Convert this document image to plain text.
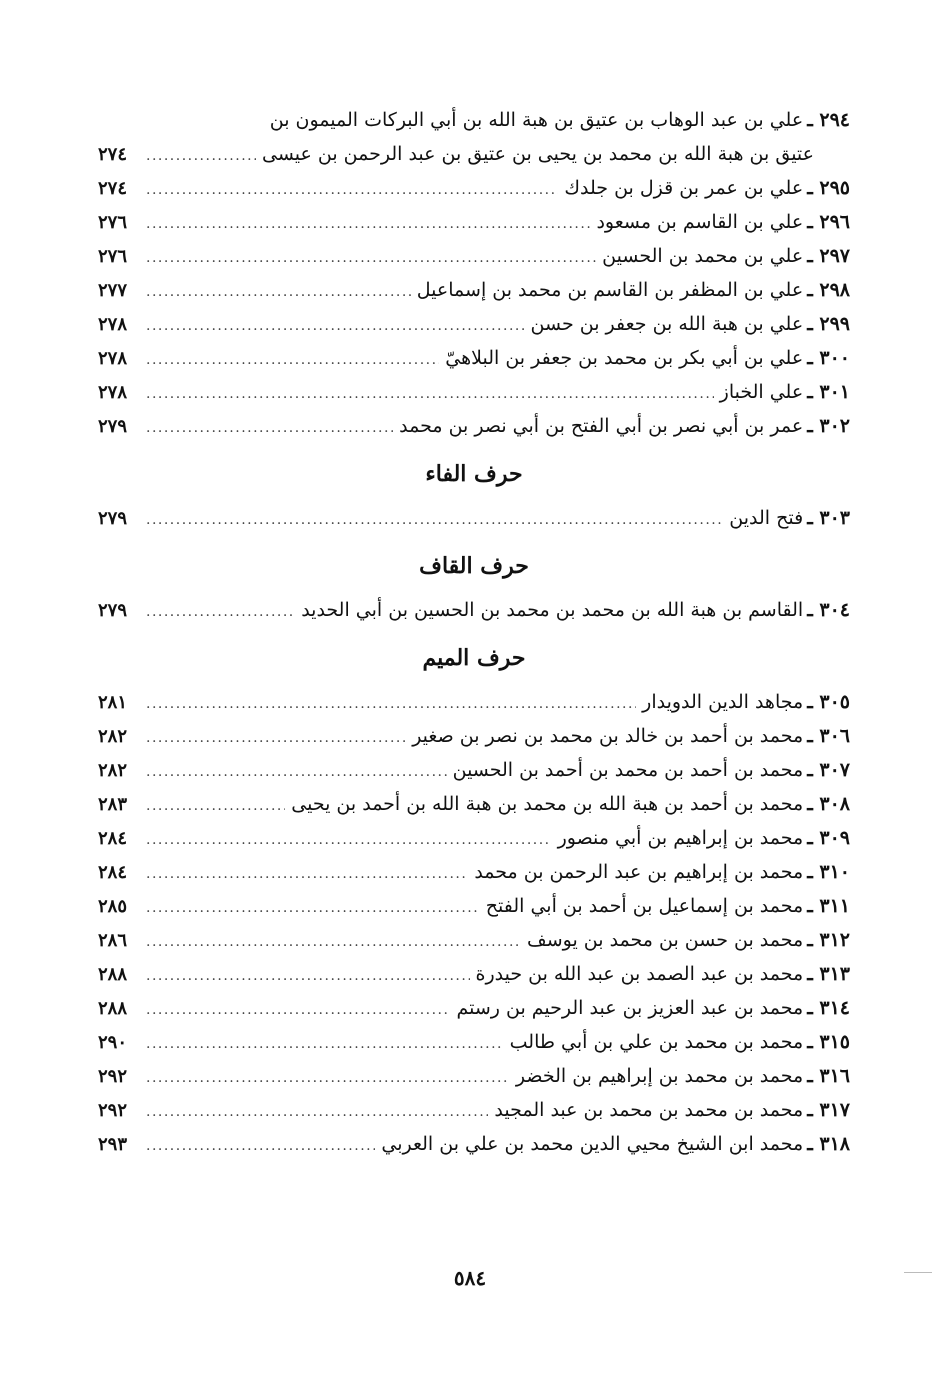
٢٩٤ ـ
علي بن عبد الوهاب بن عتيق بن هبة الله بن أبي البركات الميمون بن
عتيق بن هبة الله بن محمد بن يحيى بن عتيق بن عبد الرحمن بن عيسى
.....
٢٧٤
٢٩٥ ـ
علي بن عمر بن قزل بن جلدك
.....
٢٧٤
٢٩٦ ـ
علي بن القاسم بن مسعود
.....
٢٧٦
٢٩٧ ـ
علي بن محمد بن الحسين
.....
٢٧٦
٢٩٨ ـ
علي بن المظفر بن القاسم بن محمد بن إسماعيل
.....
٢٧٧
٢٩٩ ـ
علي بن هبة الله بن جعفر بن حسن
.....
٢٧٨
٣٠٠ ـ
علي بن أبي بكر بن محمد بن جعفر بن البلاهيّ
.....
٢٧٨
٣٠١ ـ
علي الخباز
.....
٢٧٨
٣٠٢ ـ
عمر بن أبي نصر بن أبي الفتح بن أبي نصر بن محمد
.....
٢٧٩
حرف الفاء
٣٠٣ ـ
فتح الدين
.....
٢٧٩
حرف القاف
٣٠٤ ـ
القاسم بن هبة الله بن محمد بن محمد بن الحسين بن أبي الحديد
.....
٢٧٩
حرف الميم
٣٠٥ ـ
مجاهد الدين الدويدار
.....
٢٨١
٣٠٦ ـ
محمد بن أحمد بن خالد بن محمد بن نصر بن صغير
.....
٢٨٢
٣٠٧ ـ
محمد بن أحمد بن محمد بن أحمد بن الحسين
.....
٢٨٢
٣٠٨ ـ
محمد بن أحمد بن هبة الله بن محمد بن هبة الله بن أحمد بن يحيى
.....
٢٨٣
٣٠٩ ـ
محمد بن إبراهيم بن أبي منصور
.....
٢٨٤
٣١٠ ـ
محمد بن إبراهيم بن عبد الرحمن بن محمد
.....
٢٨٤
٣١١ ـ
محمد بن إسماعيل بن أحمد بن أبي الفتح
.....
٢٨٥
٣١٢ ـ
محمد بن حسن بن محمد بن يوسف
.....
٢٨٦
٣١٣ ـ
محمد بن عبد الصمد بن عبد الله بن حيدرة
.....
٢٨٨
٣١٤ ـ
محمد بن عبد العزيز بن عبد الرحيم بن رستم
.....
٢٨٨
٣١٥ ـ
محمد بن محمد بن علي بن أبي طالب
.....
٢٩٠
٣١٦ ـ
محمد بن محمد بن إبراهيم بن الخضر
.....
٢٩٢
٣١٧ ـ
محمد بن محمد بن محمد بن عبد المجيد
.....
٢٩٢
٣١٨ ـ
محمد ابن الشيخ محيي الدين محمد بن علي بن العربي
.....
٢٩٣
٥٨٤
